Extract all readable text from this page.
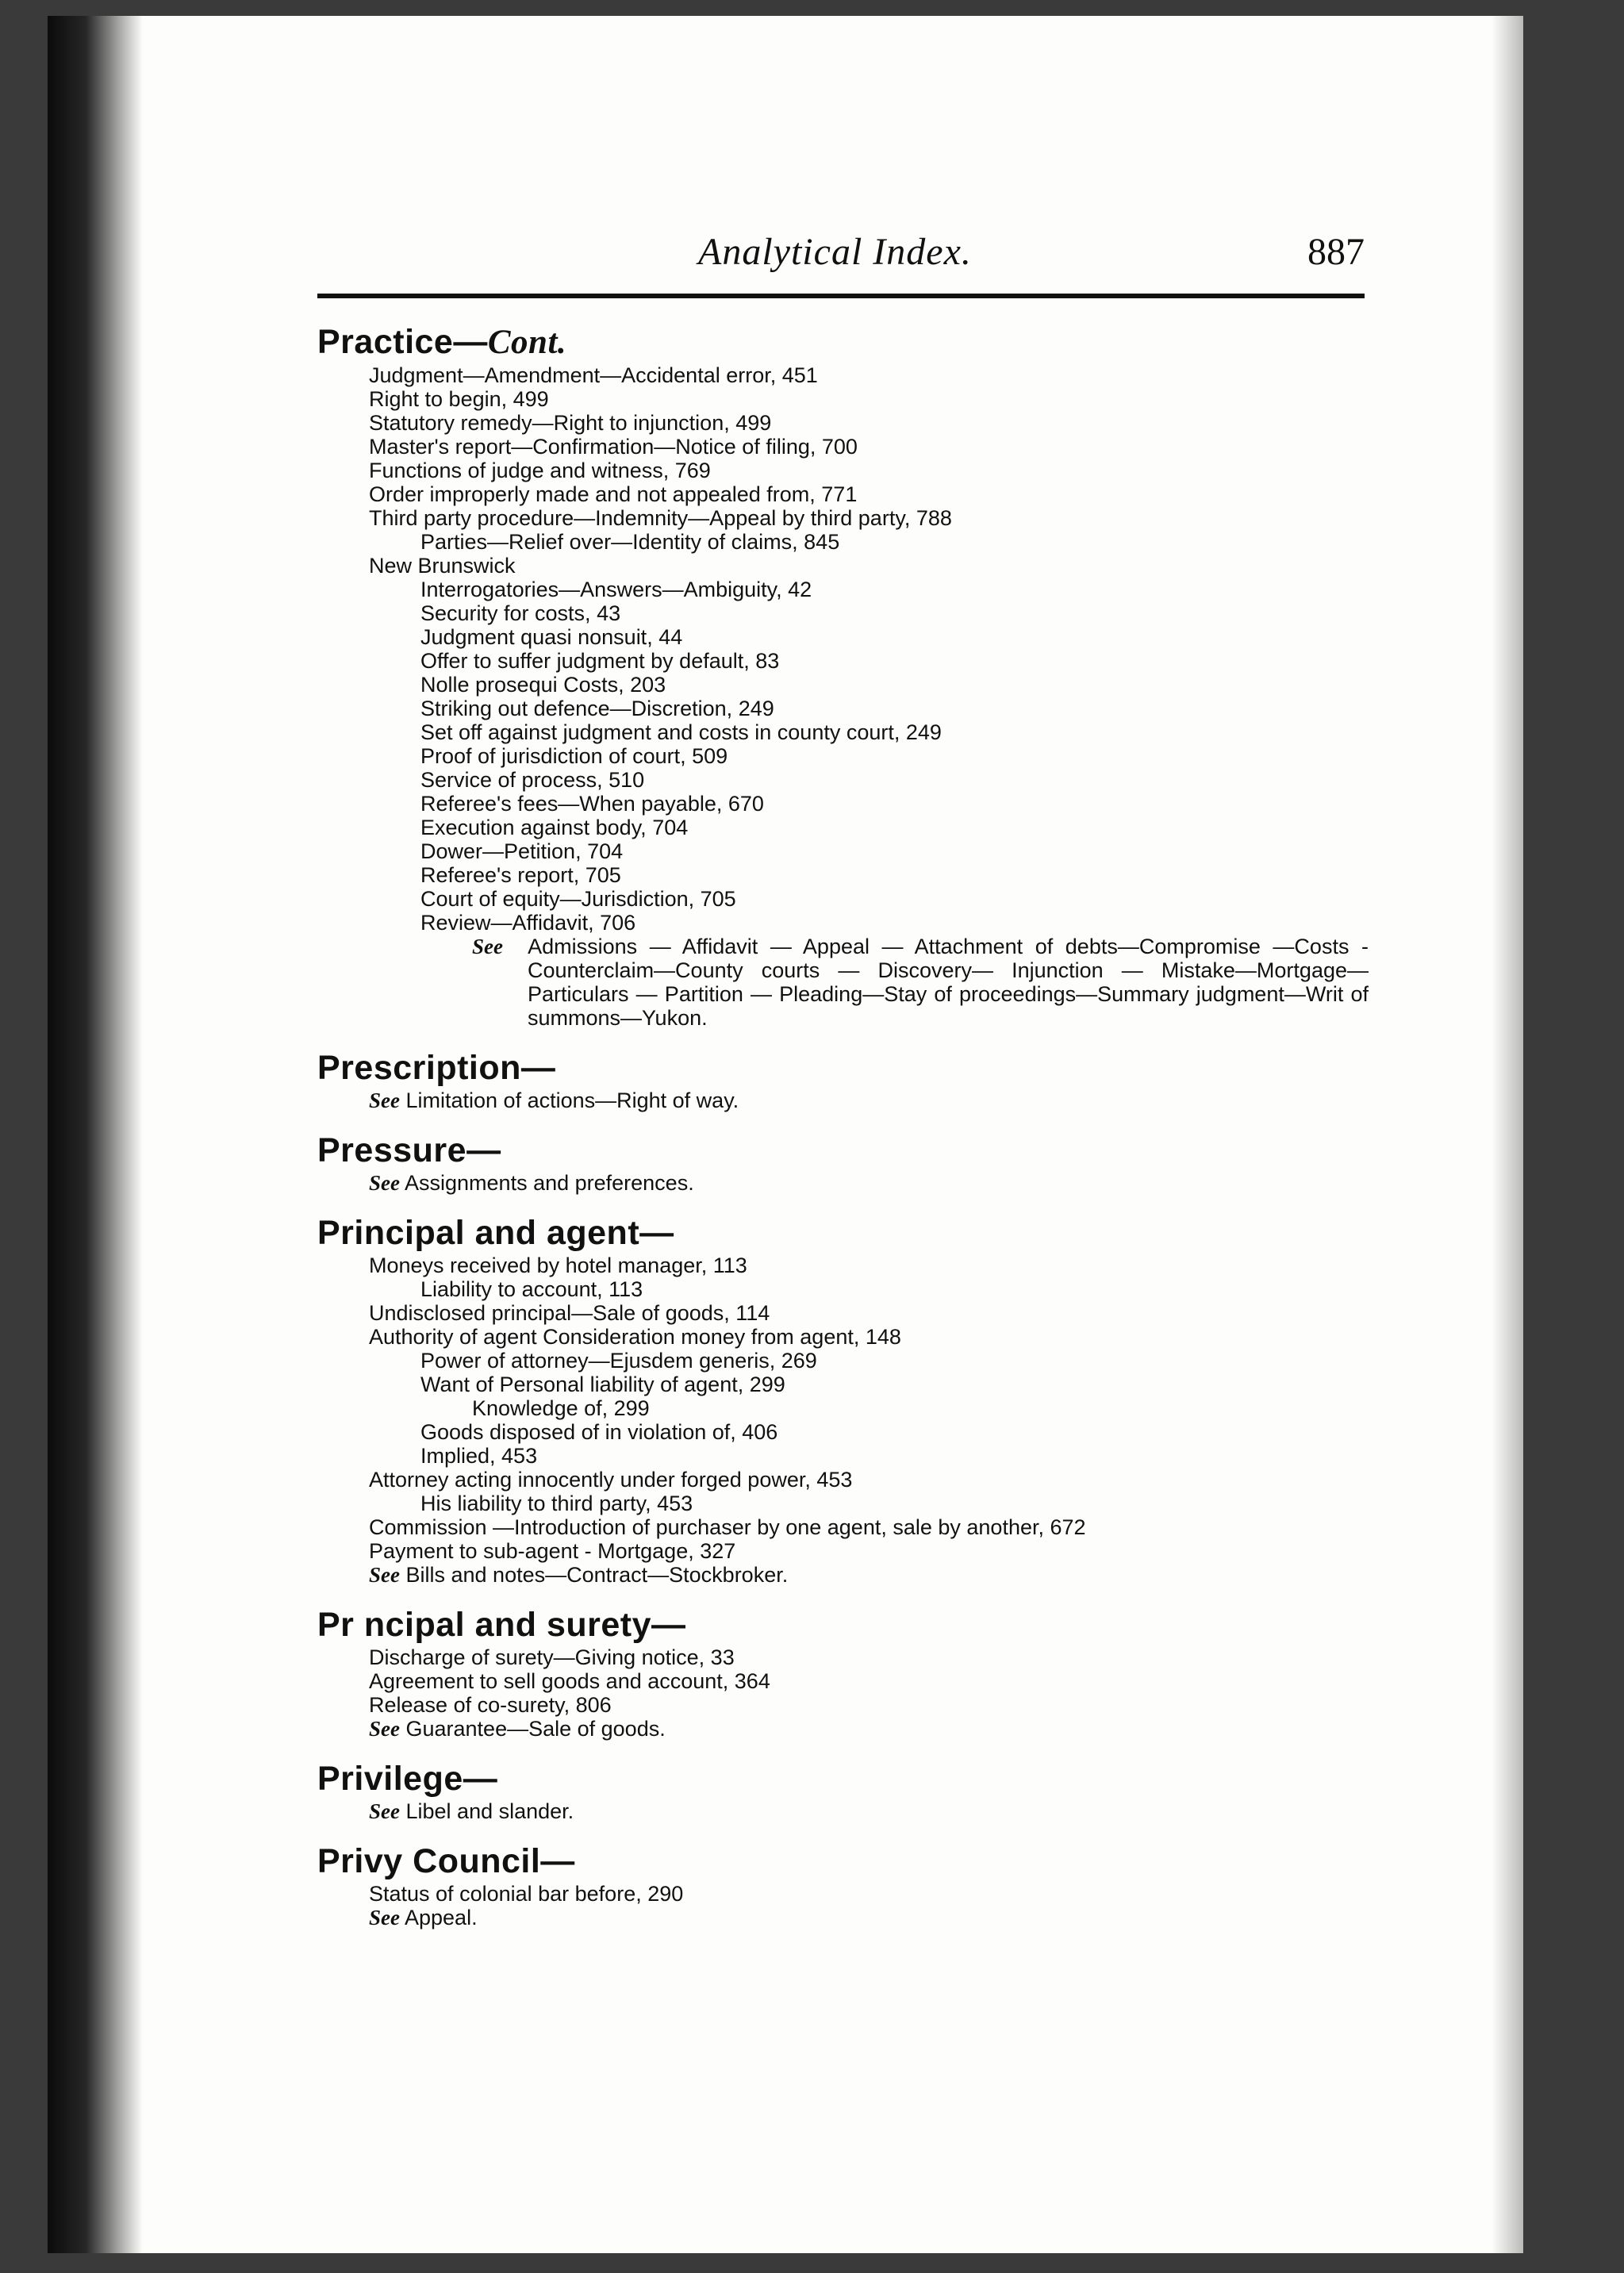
Analytical Index.	887
Practice—Cont.
Judgment—Amendment—Accidental error, 451
Right to begin, 499
Statutory remedy—Right to injunction, 499
Master's report—Confirmation—Notice of filing, 700
Functions of judge and witness, 769
Order improperly made and not appealed from, 771
Third party procedure—Indemnity—Appeal by third party, 788
Parties—Relief over—Identity of claims, 845
New Brunswick
Interrogatories—Answers—Ambiguity, 42
Security for costs, 43
Judgment quasi nonsuit, 44
Offer to suffer judgment by default, 83
Nolle prosequi Costs, 203
Striking out defence—Discretion, 249
Set off against judgment and costs in county court, 249
Proof of jurisdiction of court, 509
Service of process, 510
Referee's fees—When payable, 670
Execution against body, 704
Dower—Petition, 704
Referee's report, 705
Court of equity—Jurisdiction, 705
Review—Affidavit, 706
See Admissions — Affidavit — Appeal — Attachment of debts—Compromise —Costs - Counterclaim—County courts — Discovery— Injunction — Mistake—Mortgage—Particulars — Partition — Pleading—Stay of proceedings—Summary judgment—Writ of summons—Yukon.
Prescription—
See Limitation of actions—Right of way.
Pressure—
See Assignments and preferences.
Principal and agent—
Moneys received by hotel manager, 113
Liability to account, 113
Undisclosed principal—Sale of goods, 114
Authority of agent Consideration money from agent, 148
Power of attorney—Ejusdem generis, 269
Want of Personal liability of agent, 299
Knowledge of, 299
Goods disposed of in violation of, 406
Implied, 453
Attorney acting innocently under forged power, 453
His liability to third party, 453
Commission —Introduction of purchaser by one agent, sale by another, 672
Payment to sub-agent - Mortgage, 327
See Bills and notes—Contract—Stockbroker.
Pr ncipal and surety—
Discharge of surety—Giving notice, 33
Agreement to sell goods and account, 364
Release of co-surety, 806
See Guarantee—Sale of goods.
Privilege—
See Libel and slander.
Privy Council—
Status of colonial bar before, 290
See Appeal.
